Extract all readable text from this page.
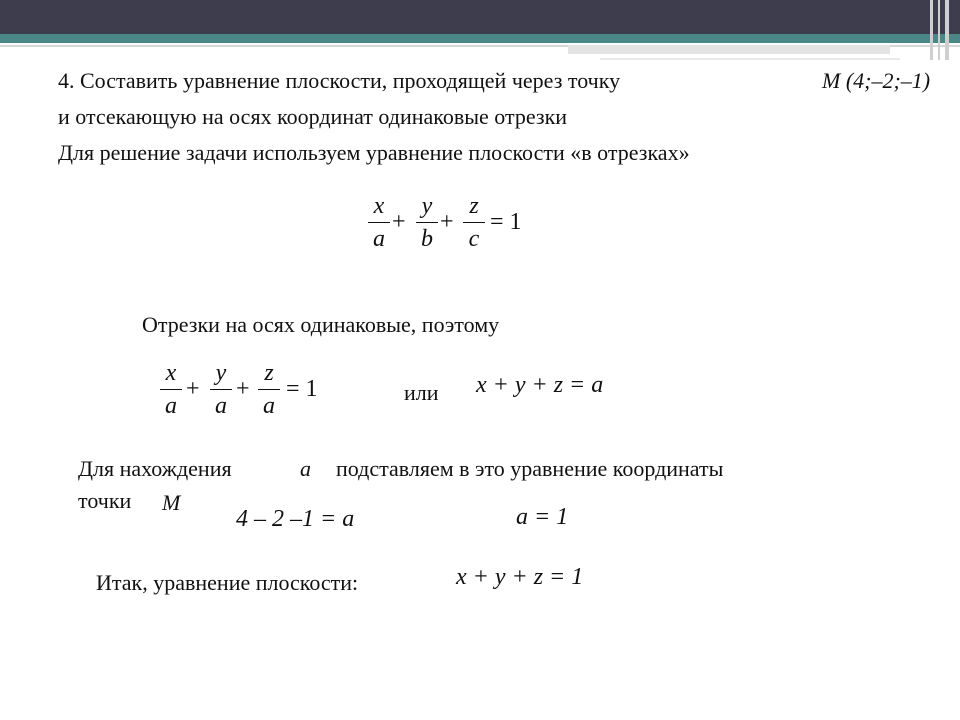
4. Составить уравнение плоскости, проходящей через точку	M (4;–2;–1)
и отсекающую на осях координат одинаковые отрезки
Для решение задачи используем уравнение плоскости «в отрезках»
x
a
+
y
b
+
z
c
= 1
Отрезки на осях одинаковые, поэтому
x
a
+
y
a
+
z
a
= 1	или x + y + z = a
Для нахождения	a подставляем в это уравнение координаты
точки M
4 – 2 –1 = a	a = 1
Итак, уравнение плоскости:	x + y + z = 1
